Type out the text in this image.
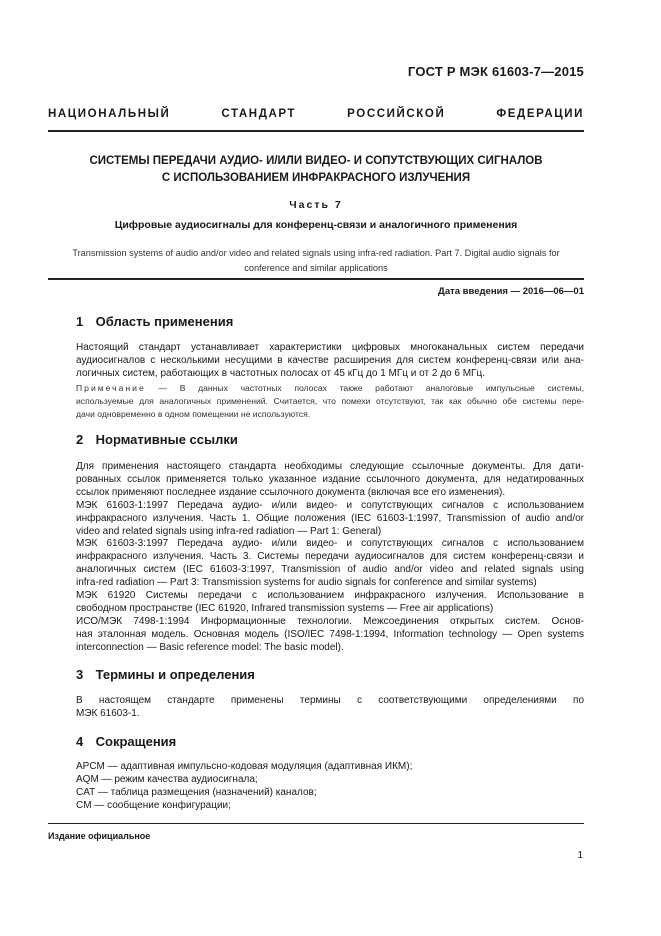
ГОСТ Р МЭК 61603-7—2015
НАЦИОНАЛЬНЫЙ СТАНДАРТ РОССИЙСКОЙ ФЕДЕРАЦИИ
СИСТЕМЫ ПЕРЕДАЧИ АУДИО- И/ИЛИ ВИДЕО- И СОПУТСТВУЮЩИХ СИГНАЛОВ
С ИСПОЛЬЗОВАНИЕМ ИНФРАКРАСНОГО ИЗЛУЧЕНИЯ
Часть 7
Цифровые аудиосигналы для конференц-связи и аналогичного применения
Transmission systems of audio and/or video and related signals using infra-red radiation. Part 7. Digital audio signals for
conference and similar applications
Дата введения — 2016—06—01
1 Область применения
Настоящий стандарт устанавливает характеристики цифровых многоканальных систем передачи
аудиосигналов с несколькими несущими в качестве расширения для систем конференц-связи или ана-
логичных систем, работающих в частотных полосах от 45 кГц до 1 МГц и от 2 до 6 МГц.
Примечание — В данных частотных полосах также работают аналоговые импульсные системы,
используемые для аналогичных применений. Считается, что помехи отсутствуют, так как обычно обе системы пере-
дачи одновременно в одном помещении не используются.
2 Нормативные ссылки
Для применения настоящего стандарта необходимы следующие ссылочные документы. Для дати-
рованных ссылок применяется только указанное издание ссылочного документа, для недатированных
ссылок применяют последнее издание ссылочного документа (включая все его изменения).
МЭК 61603-1:1997 Передача аудио- и/или видео- и сопутствующих сигналов с использованием
инфракрасного излучения. Часть 1. Общие положения (IEC 61603-1:1997, Transmission of audio and/or
video and related signals using infra-red radiation — Part 1: General)
МЭК 61603-3:1997 Передача аудио- и/или видео- и сопутствующих сигналов с использованием
инфракрасного излучения. Часть 3. Системы передачи аудиосигналов для систем конференц-связи и
аналогичных систем (IEC 61603-3:1997, Transmission of audio and/or video and related signals using
infra-red radiation — Part 3: Transmission systems for audio signals for conference and similar systems)
МЭК 61920 Системы передачи с использованием инфракрасного излучения. Использование в
свободном пространстве (IEC 61920, Infrared transmission systems — Free air applications)
ИСО/МЭК 7498-1:1994 Информационные технологии. Межсоединения открытых систем. Основ-
ная эталонная модель. Основная модель (ISO/IEC 7498-1:1994, Information technology — Open systems
interconnection — Basic reference model: The basic model).
3 Термины и определения
В настоящем стандарте применены термины с соответствующими определениями по
МЭК 61603-1.
4 Сокращения

APCM — адаптивная импульсно-кодовая модуляция (адаптивная ИКМ);

AQM — режим качества аудиосигнала;

CAT — таблица размещения (назначений) каналов;

CM — сообщение конфигурации;

Издание официальное
1
